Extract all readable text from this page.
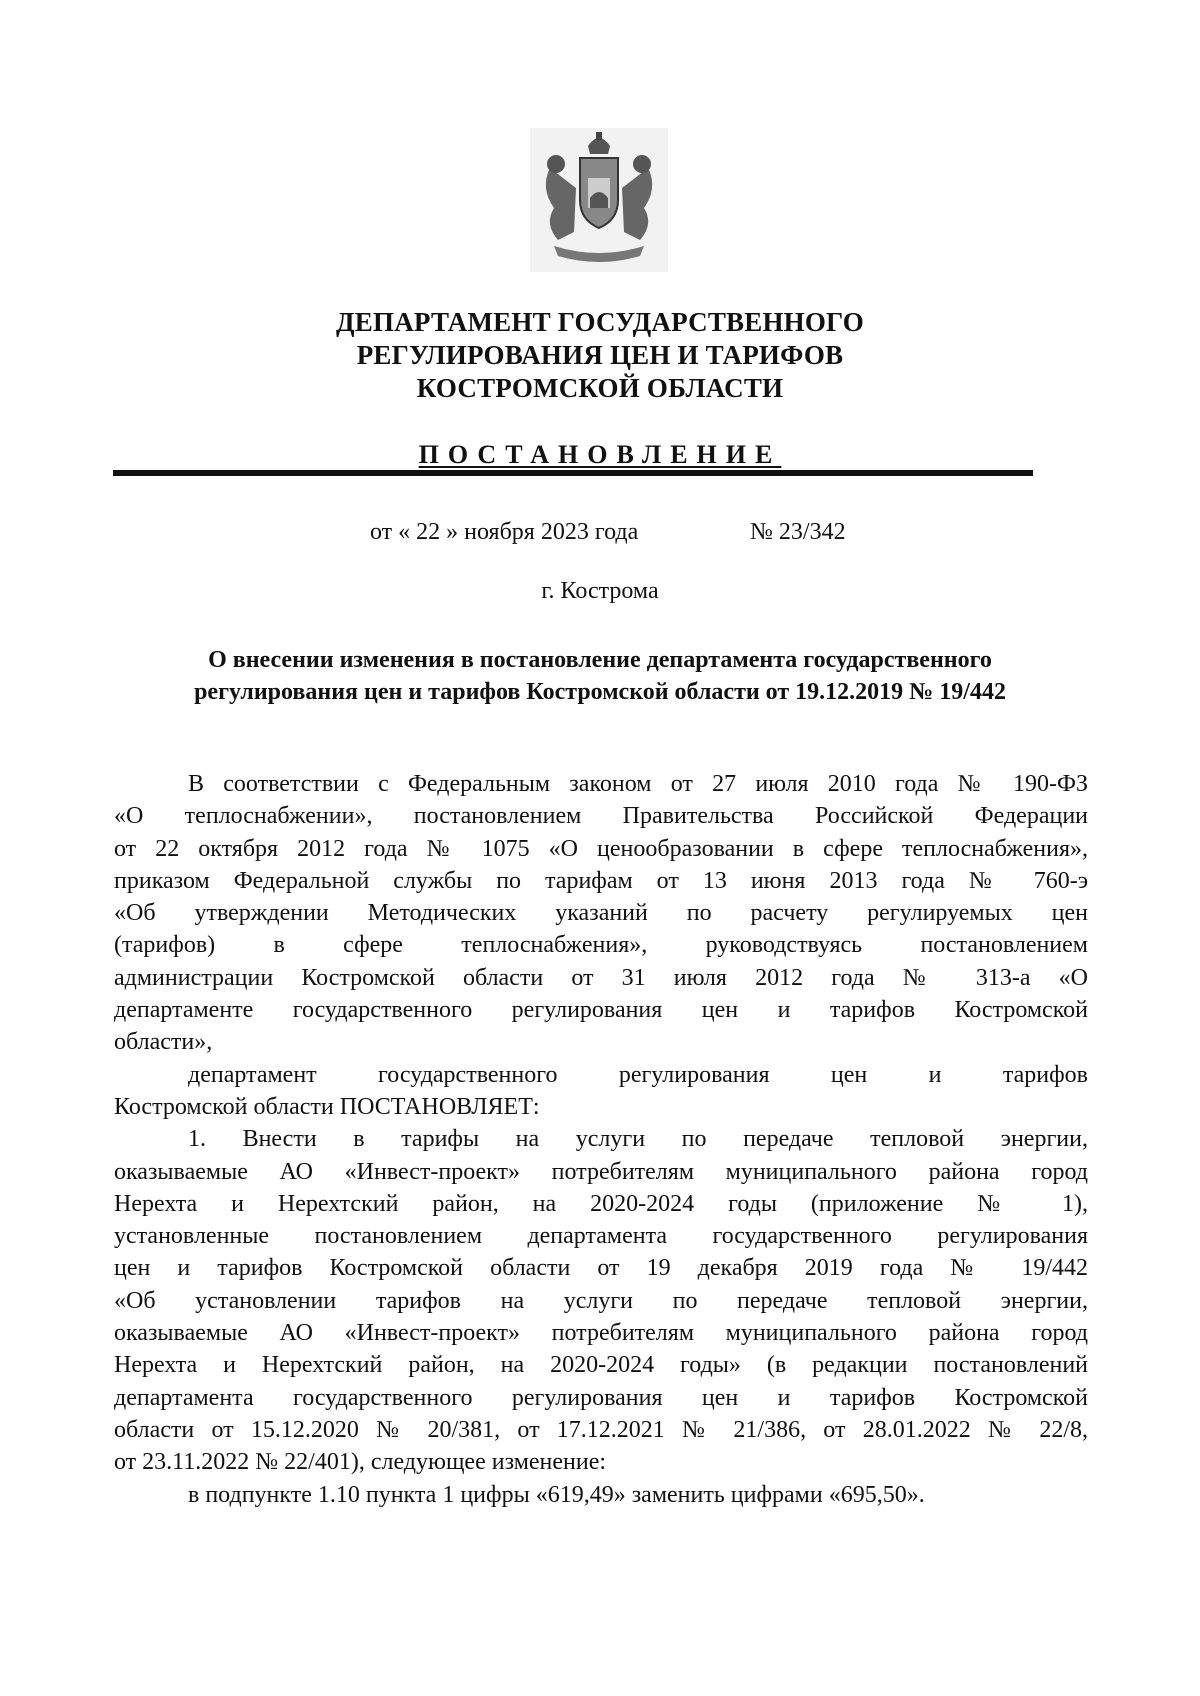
ДЕПАРТАМЕНТ ГОСУДАРСТВЕННОГО
РЕГУЛИРОВАНИЯ ЦЕН И ТАРИФОВ
КОСТРОМСКОЙ ОБЛАСТИ
ПОСТАНОВЛЕНИЕ
от « 22 » ноября 2023 года	№ 23/342
г. Кострома
О внесении изменения в постановление департамента государственного
регулирования цен и тарифов Костромской области от 19.12.2019 № 19/442
В соответствии с Федеральным законом от 27 июля 2010 года № 190-ФЗ
«О теплоснабжении», постановлением Правительства Российской Федерации
от 22 октября 2012 года № 1075 «О ценообразовании в сфере теплоснабжения»,
приказом Федеральной службы по тарифам от 13 июня 2013 года № 760-э
«Об утверждении Методических указаний по расчету регулируемых цен
(тарифов) в сфере теплоснабжения», руководствуясь постановлением
администрации Костромской области от 31 июля 2012 года № 313-а «О
департаменте государственного регулирования цен и тарифов Костромской
области»,
департамент государственного регулирования цен и тарифов
Костромской области ПОСТАНОВЛЯЕТ:
1. Внести в тарифы на услуги по передаче тепловой энергии,
оказываемые АО «Инвест-проект» потребителям муниципального района город
Нерехта и Нерехтский район, на 2020-2024 годы (приложение № 1),
установленные постановлением департамента государственного регулирования
цен и тарифов Костромской области от 19 декабря 2019 года № 19/442
«Об установлении тарифов на услуги по передаче тепловой энергии,
оказываемые АО «Инвест-проект» потребителям муниципального района город
Нерехта и Нерехтский район, на 2020-2024 годы» (в редакции постановлений
департамента государственного регулирования цен и тарифов Костромской
области от 15.12.2020 № 20/381, от 17.12.2021 № 21/386, от 28.01.2022 № 22/8,
от 23.11.2022 № 22/401), следующее изменение:
в подпункте 1.10 пункта 1 цифры «619,49» заменить цифрами «695,50».
